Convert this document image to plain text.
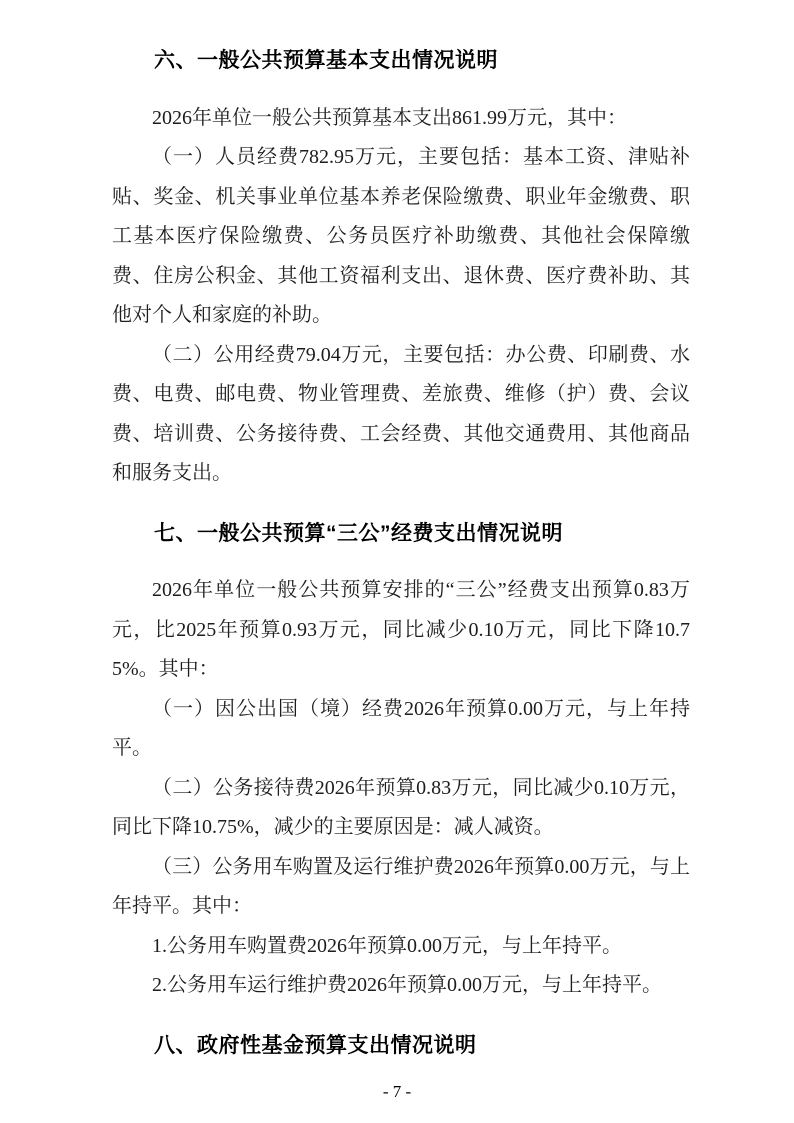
六、一般公共预算基本支出情况说明

2026年单位一般公共预算基本支出861.99万元，其中：

（一）人员经费782.95万元，主要包括：基本工资、津贴补贴、奖金、机关事业单位基本养老保险缴费、职业年金缴费、职工基本医疗保险缴费、公务员医疗补助缴费、其他社会保障缴费、住房公积金、其他工资福利支出、退休费、医疗费补助、其他对个人和家庭的补助。

（二）公用经费79.04万元，主要包括：办公费、印刷费、水费、电费、邮电费、物业管理费、差旅费、维修（护）费、会议费、培训费、公务接待费、工会经费、其他交通费用、其他商品和服务支出。

七、一般公共预算“三公”经费支出情况说明

2026年单位一般公共预算安排的“三公”经费支出预算0.83万元，比2025年预算0.93万元，同比减少0.10万元，同比下降10.75%。其中：

（一）因公出国（境）经费2026年预算0.00万元，与上年持平。

（二）公务接待费2026年预算0.83万元，同比减少0.10万元，同比下降10.75%，减少的主要原因是：减人减资。

（三）公务用车购置及运行维护费2026年预算0.00万元，与上年持平。其中：

1.公务用车购置费2026年预算0.00万元，与上年持平。

2.公务用车运行维护费2026年预算0.00万元，与上年持平。

八、政府性基金预算支出情况说明
- 7 -
